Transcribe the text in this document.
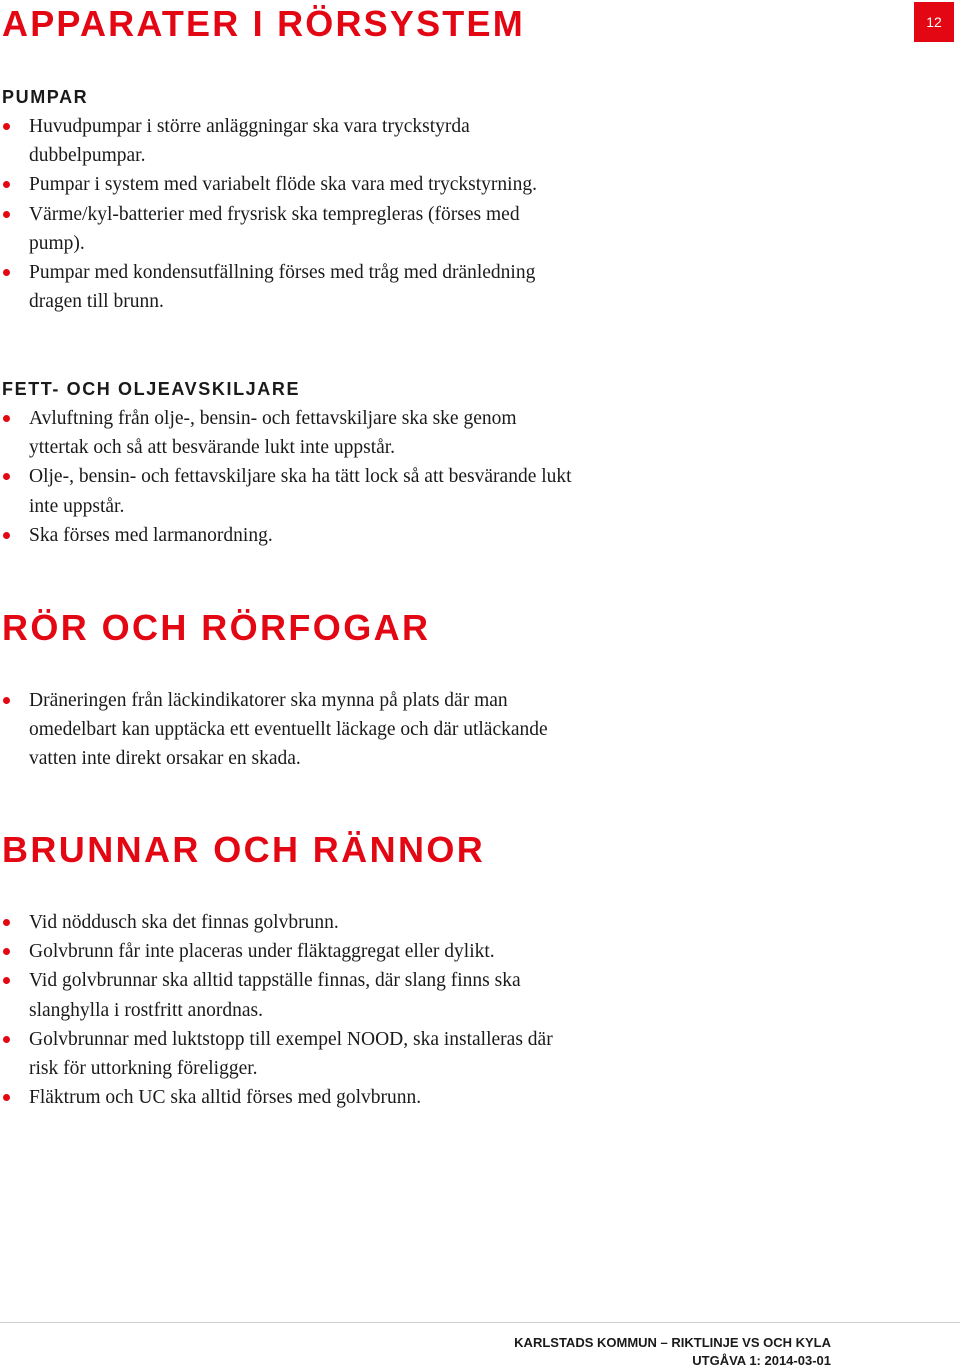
APPARATER I RÖRSYSTEM	12
PUMPAR
Huvudpumpar i större anläggningar ska vara tryckstyrda dubbelpumpar.
Pumpar i system med variabelt flöde ska vara med tryckstyrning.
Värme/kyl-batterier med frysrisk ska tempregleras (förses med pump).
Pumpar med kondensutfällning förses med tråg med dränledning dragen till brunn.
FETT- OCH OLJEAVSKILJARE
Avluftning från olje-, bensin- och fettavskiljare ska ske genom yttertak och så att besvärande lukt inte uppstår.
Olje-, bensin- och fettavskiljare ska ha tätt lock så att besvärande lukt inte uppstår.
Ska förses med larmanordning.
RÖR OCH RÖRFOGAR
Dräneringen från läckindikatorer ska mynna på plats där man omedelbart kan upptäcka ett eventuellt läckage och där utläckande vatten inte direkt orsakar en skada.
BRUNNAR OCH RÄNNOR
Vid nöddusch ska det finnas golvbrunn.
Golvbrunn får inte placeras under fläktaggregat eller dylikt.
Vid golvbrunnar ska alltid tappställe finnas, där slang finns ska slanghylla i rostfritt anordnas.
Golvbrunnar med luktstopp till exempel NOOD, ska installeras där risk för uttorkning föreligger.
Fläktrum och UC ska alltid förses med golvbrunn.
KARLSTADS KOMMUN – RIKTLINJE VS OCH KYLA
UTGÅVA 1: 2014-03-01
